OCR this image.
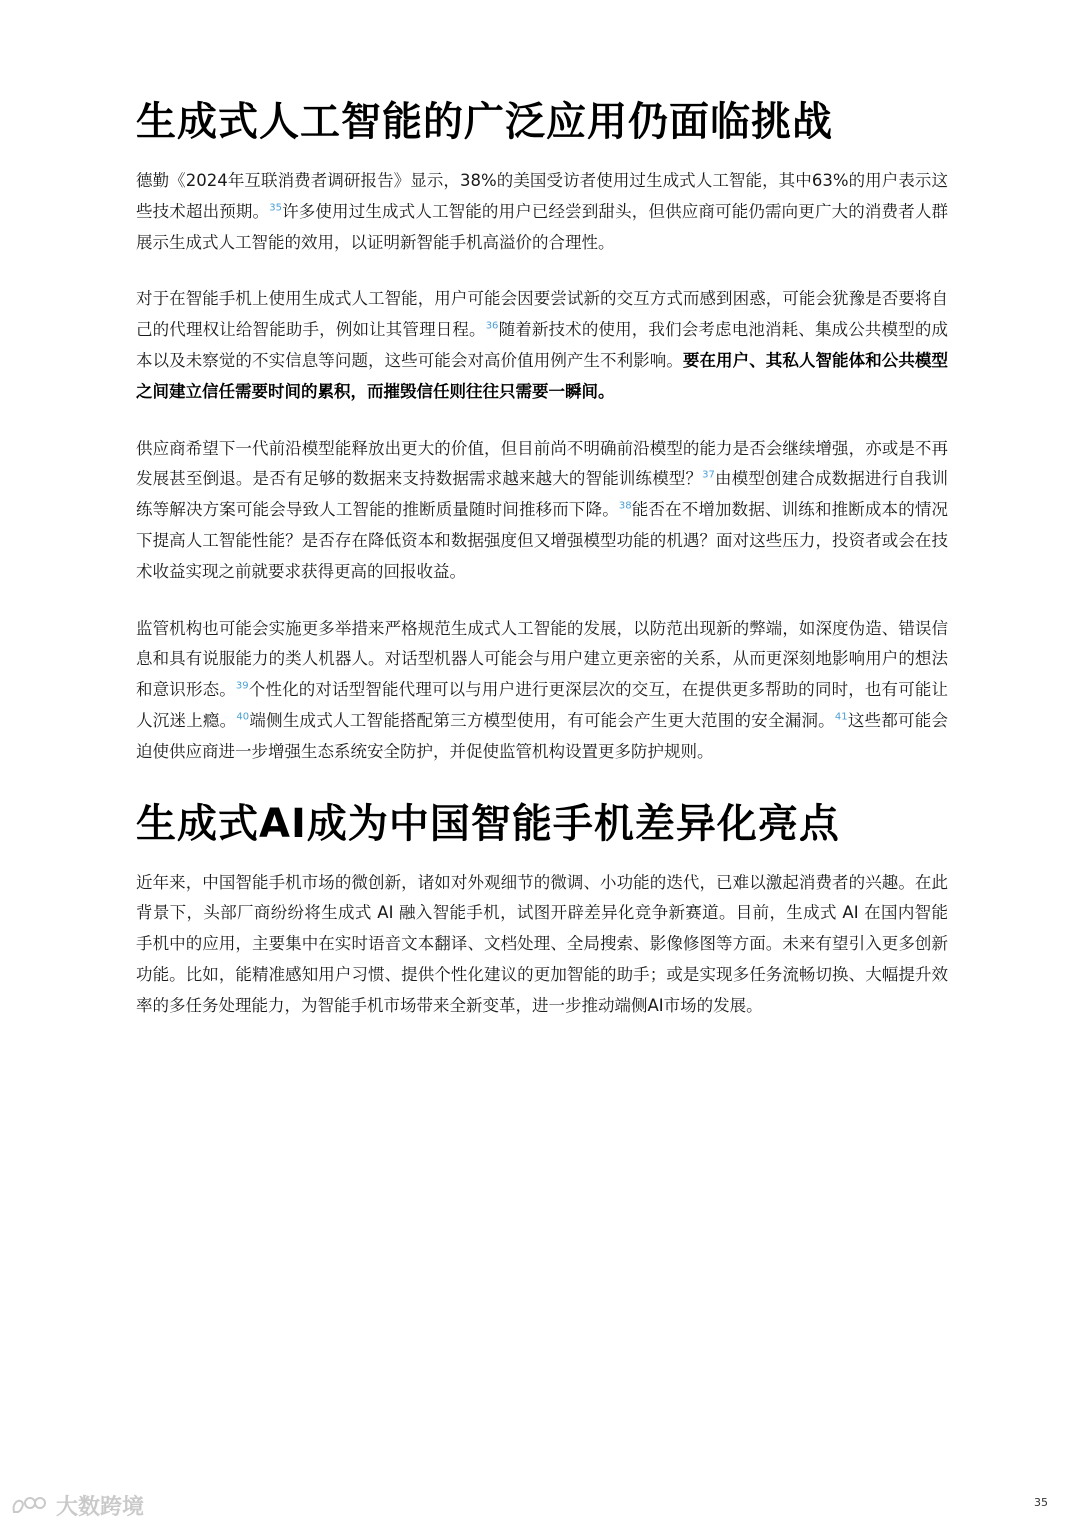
生成式人工智能的广泛应用仍面临挑战

德勤《2024年互联消费者调研报告》显示，38%的美国受访者使用过生成式人工智能，其中63%的用户表示这些技术超出预期。$^{35}$许多使用过生成式人工智能的用户已经尝到甜头，但供应商可能仍需向更广大的消费者人群展示生成式人工智能的效用，以证明新智能手机高溢价的合理性。

对于在智能手机上使用生成式人工智能，用户可能会因要尝试新的交互方式而感到困惑，可能会犹豫是否要将自己的代理权让给智能助手，例如让其管理日程。$^{36}$随着新技术的使用，我们会考虑电池消耗、集成公共模型的成本以及未察觉的不实信息等问题，这些可能会对高价值用例产生不利影响。要在用户、其私人智能体和公共模型之间建立信任需要时间的累积，而摧毁信任则往往只需要一瞬间。

供应商希望下一代前沿模型能释放出更大的价值，但目前尚不明确前沿模型的能力是否会继续增强，亦或是不再发展甚至倒退。是否有足够的数据来支持数据需求越来越大的智能训练模型？$^{37}$由模型创建合成数据进行自我训练等解决方案可能会导致人工智能的推断质量随时间推移而下降。$^{38}$能否在不增加数据、训练和推断成本的情况下提高人工智能性能？是否存在降低资本和数据强度但又增强模型功能的机遇？面对这些压力，投资者或会在技术收益实现之前就要求获得更高的回报收益。

监管机构也可能会实施更多举措来严格规范生成式人工智能的发展，以防范出现新的弊端，如深度伪造、错误信息和具有说服能力的类人机器人。对话型机器人可能会与用户建立更亲密的关系，从而更深刻地影响用户的想法和意识形态。$^{39}$个性化的对话型智能代理可以与用户进行更深层次的交互，在提供更多帮助的同时，也有可能让人沉迷上瘾。$^{40}$端侧生成式人工智能搭配第三方模型使用，有可能会产生更大范围的安全漏洞。$^{41}$这些都可能会迫使供应商进一步增强生态系统安全防护，并促使监管机构设置更多防护规则。

生成式AI成为中国智能手机差异化亮点

近年来，中国智能手机市场的微创新，诸如对外观细节的微调、小功能的迭代，已难以激起消费者的兴趣。在此背景下，头部厂商纷纷将生成式 AI 融入智能手机，试图开辟差异化竞争新赛道。目前，生成式 AI 在国内智能手机中的应用，主要集中在实时语音文本翻译、文档处理、全局搜索、影像修图等方面。未来有望引入更多创新功能。比如，能精准感知用户习惯、提供个性化建议的更加智能的助手；或是实现多任务流畅切换、大幅提升效率的多任务处理能力，为智能手机市场带来全新变革，进一步推动端侧AI市场的发展。

大数跨境	35
